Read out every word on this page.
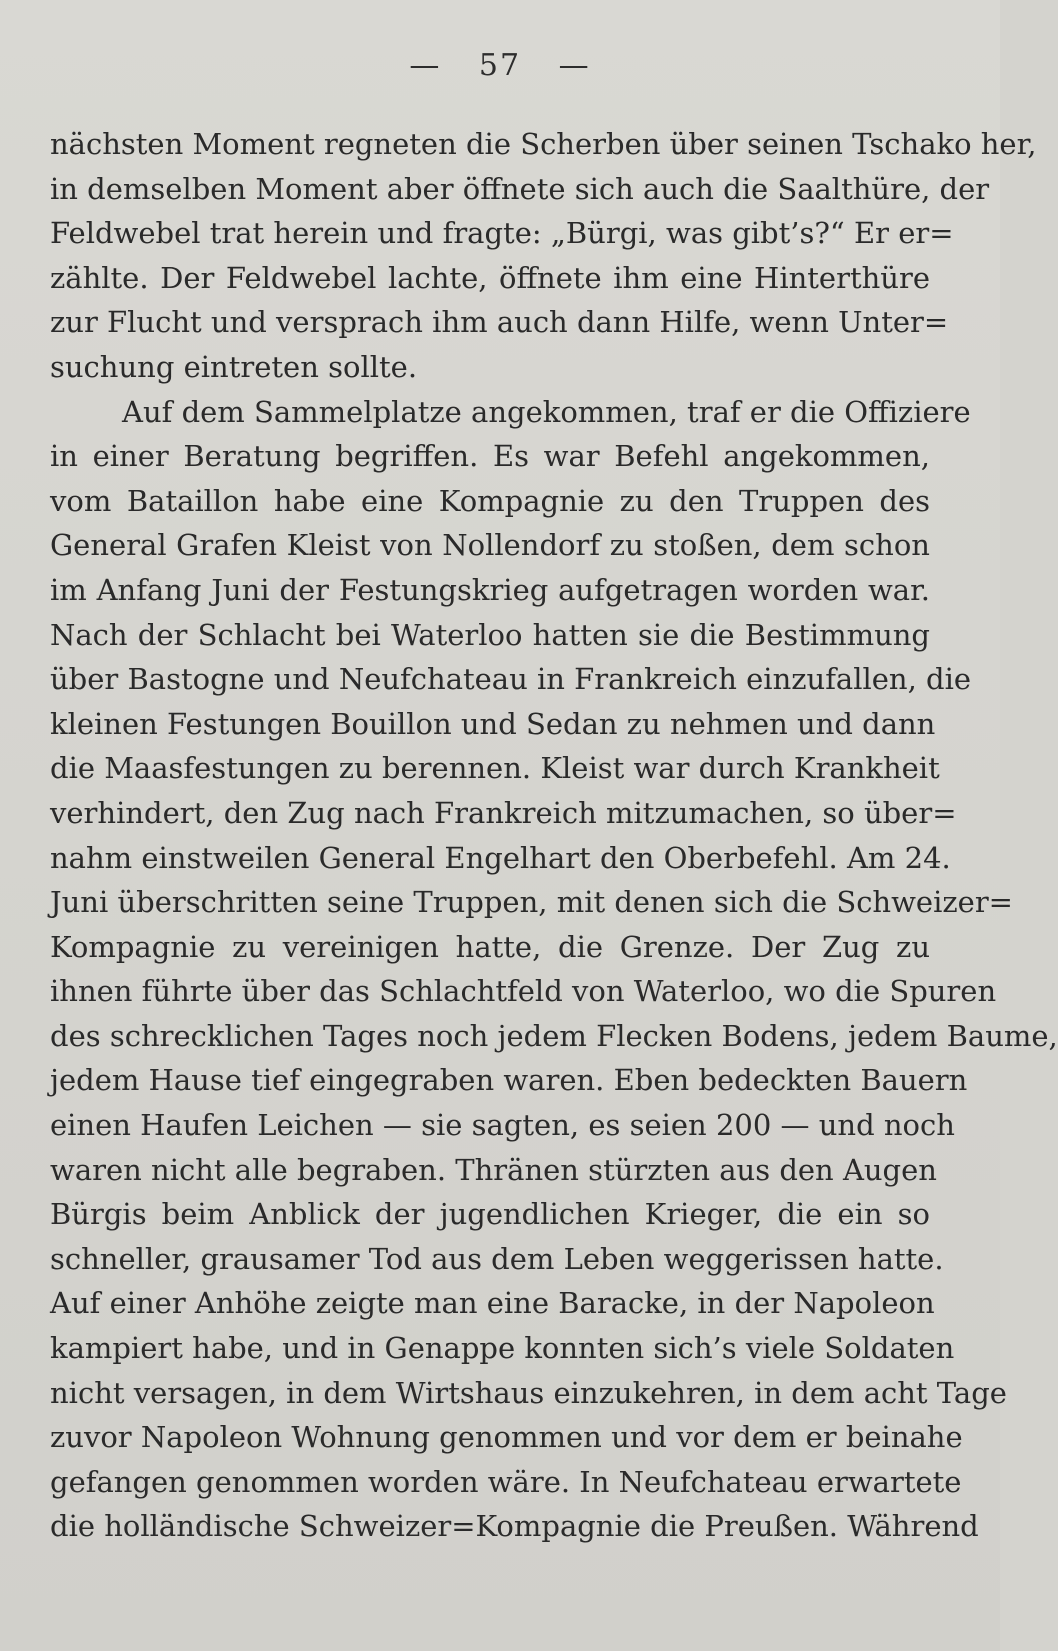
— 57 —
nächsten Moment regneten die Scherben über seinen Tschako her,
in demselben Moment aber öffnete sich auch die Saalthüre, der
Feldwebel trat herein und fragte: „Bürgi, was gibt’s?“ Er er=
zählte. Der Feldwebel lachte, öffnete ihm eine Hinterthüre
zur Flucht und versprach ihm auch dann Hilfe, wenn Unter=
suchung eintreten sollte.
Auf dem Sammelplatze angekommen, traf er die Offiziere
in einer Beratung begriffen. Es war Befehl angekommen,
vom Bataillon habe eine Kompagnie zu den Truppen des
General Grafen Kleist von Nollendorf zu stoßen, dem schon
im Anfang Juni der Festungskrieg aufgetragen worden war.
Nach der Schlacht bei Waterloo hatten sie die Bestimmung
über Bastogne und Neufchateau in Frankreich einzufallen, die
kleinen Festungen Bouillon und Sedan zu nehmen und dann
die Maasfestungen zu berennen. Kleist war durch Krankheit
verhindert, den Zug nach Frankreich mitzumachen, so über=
nahm einstweilen General Engelhart den Oberbefehl. Am 24.
Juni überschritten seine Truppen, mit denen sich die Schweizer=
Kompagnie zu vereinigen hatte, die Grenze. Der Zug zu
ihnen führte über das Schlachtfeld von Waterloo, wo die Spuren
des schrecklichen Tages noch jedem Flecken Bodens, jedem Baume,
jedem Hause tief eingegraben waren. Eben bedeckten Bauern
einen Haufen Leichen — sie sagten, es seien 200 — und noch
waren nicht alle begraben. Thränen stürzten aus den Augen
Bürgis beim Anblick der jugendlichen Krieger, die ein so
schneller, grausamer Tod aus dem Leben weggerissen hatte.
Auf einer Anhöhe zeigte man eine Baracke, in der Napoleon
kampiert habe, und in Genappe konnten sich’s viele Soldaten
nicht versagen, in dem Wirtshaus einzukehren, in dem acht Tage
zuvor Napoleon Wohnung genommen und vor dem er beinahe
gefangen genommen worden wäre. In Neufchateau erwartete
die holländische Schweizer=Kompagnie die Preußen. Während
